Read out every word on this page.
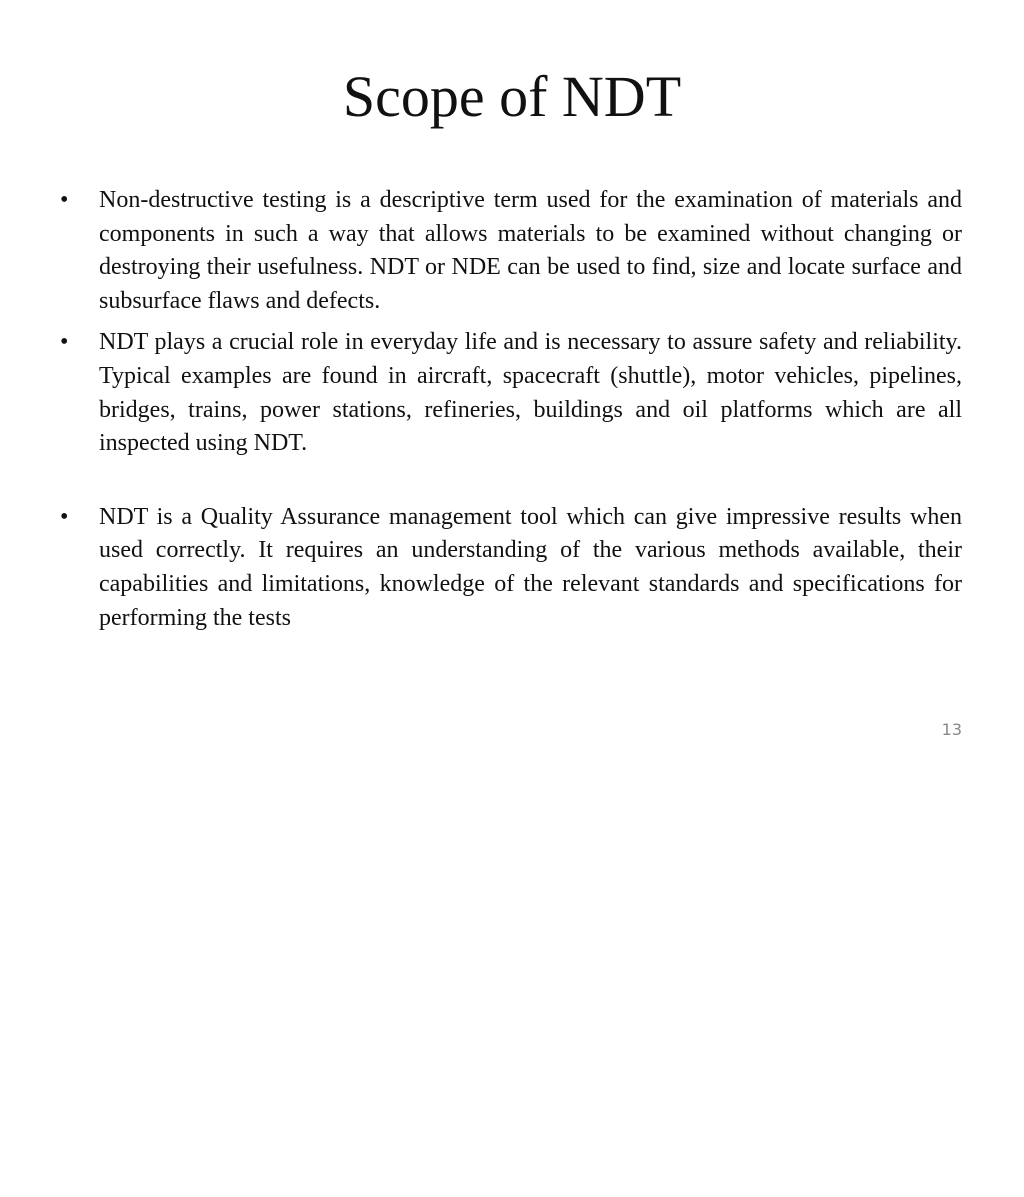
Scope of NDT
• Non-destructive testing is a descriptive term used for the examination of materials and components in such a way that allows materials to be examined without changing or destroying their usefulness. NDT or NDE can be used to find, size and locate surface and subsurface flaws and defects.
• NDT plays a crucial role in everyday life and is necessary to assure safety and reliability. Typical examples are found in aircraft, spacecraft (shuttle), motor vehicles, pipelines, bridges, trains, power stations, refineries, buildings and oil platforms which are all inspected using NDT.
• NDT is a Quality Assurance management tool which can give impressive results when used correctly. It requires an understanding of the various methods available, their capabilities and limitations, knowledge of the relevant standards and specifications for performing the tests
13
